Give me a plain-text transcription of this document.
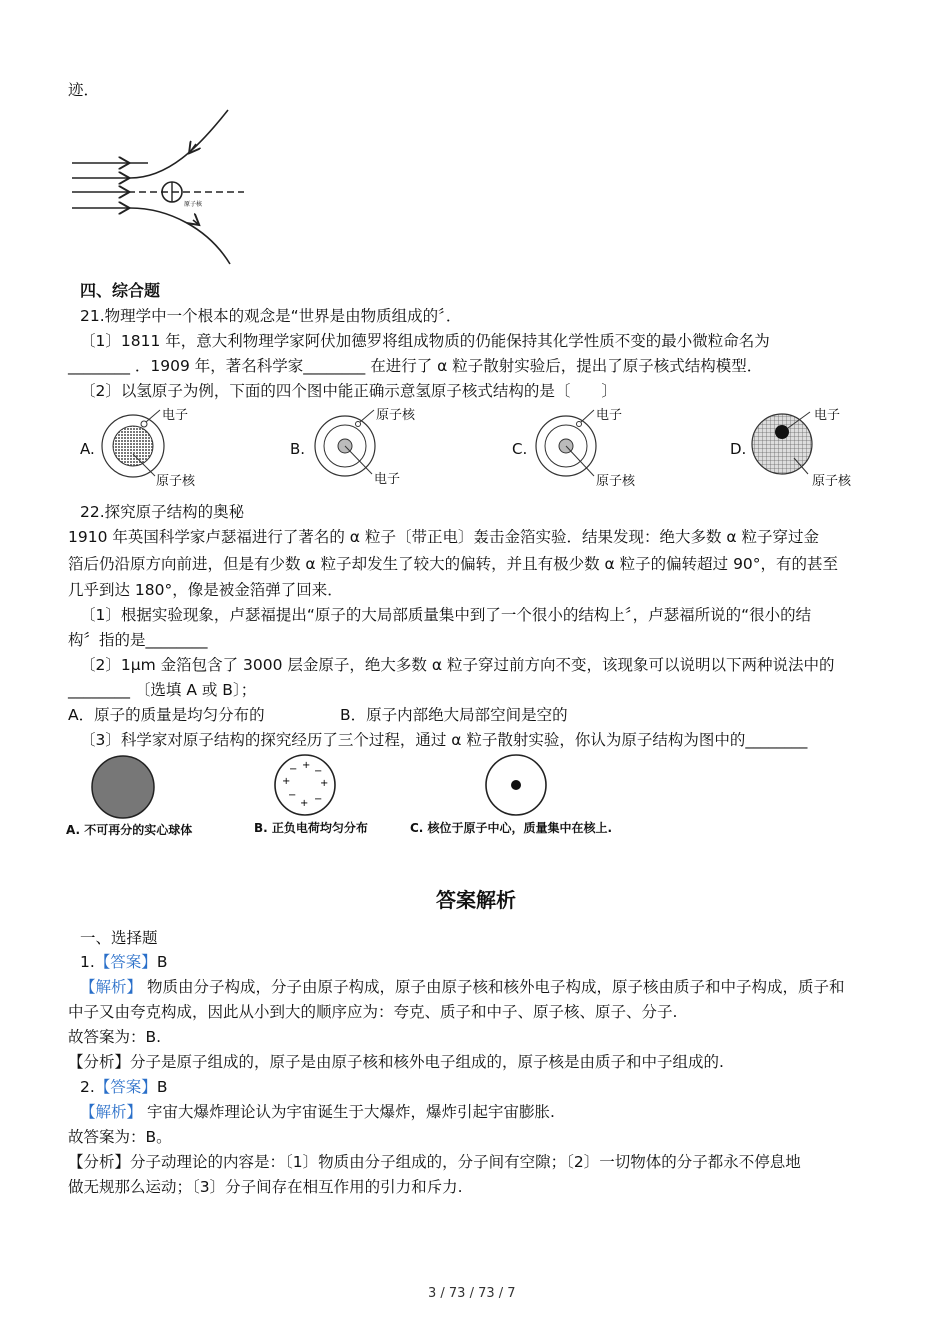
迹．
原子核
四、综合题
21.物理学中一个根本的观念是“世界是由物质组成的〞．
〔1〕1811 年，意大利物理学家阿伏加德罗将组成物质的仍能保持其化学性质不变的最小微粒命名为
________ ．1909 年，著名科学家________ 在进行了 α 粒子散射实验后，提出了原子核式结构模型．
〔2〕以氢原子为例，下面的四个图中能正确示意氢原子核式结构的是〔　　〕
A.
电子
原子核
B.
原子核
电子
C.
电子
原子核
D.
电子
原子核
22.探究原子结构的奥秘
1910 年英国科学家卢瑟福进行了著名的 α 粒子〔带正电〕轰击金箔实验．结果发现：绝大多数 α 粒子穿过金
箔后仍沿原方向前进，但是有少数 α 粒子却发生了较大的偏转，并且有极少数 α 粒子的偏转超过 90°，有的甚至
几乎到达 180°，像是被金箔弹了回来．
〔1〕根据实验现象，卢瑟福提出“原子的大局部质量集中到了一个很小的结构上〞，卢瑟福所说的“很小的结
构〞指的是________
〔2〕1μm 金箔包含了 3000 层金原子，绝大多数 α 粒子穿过前方向不变，该现象可以说明以下两种说法中的
________ 〔选填 A 或 B〕；
A．原子的质量是均匀分布的	B．原子内部绝大局部空间是空的
〔3〕科学家对原子结构的探究经历了三个过程，通过 α 粒子散射实验，你认为原子结构为图中的________
− +
−
+	+
−
+ −
A. 不可再分的实心球体	B. 正负电荷均匀分布	C. 核位于原子中心，质量集中在核上.
答案解析
一、选择题
1.【答案】B
【解析】 物质由分子构成，分子由原子构成，原子由原子核和核外电子构成，原子核由质子和中子构成，质子和
中子又由夸克构成，因此从小到大的顺序应为：夸克、质子和中子、原子核、原子、分子.
故答案为：B.
【分析】分子是原子组成的，原子是由原子核和核外电子组成的，原子核是由质子和中子组成的.
2.【答案】B
【解析】 宇宙大爆炸理论认为宇宙诞生于大爆炸，爆炸引起宇宙膨胀.
故答案为：B。
【分析】分子动理论的内容是：〔1〕物质由分子组成的，分子间有空隙；〔2〕一切物体的分子都永不停息地
做无规那么运动；〔3〕分子间存在相互作用的引力和斥力.
3 / 73 / 73 / 7
